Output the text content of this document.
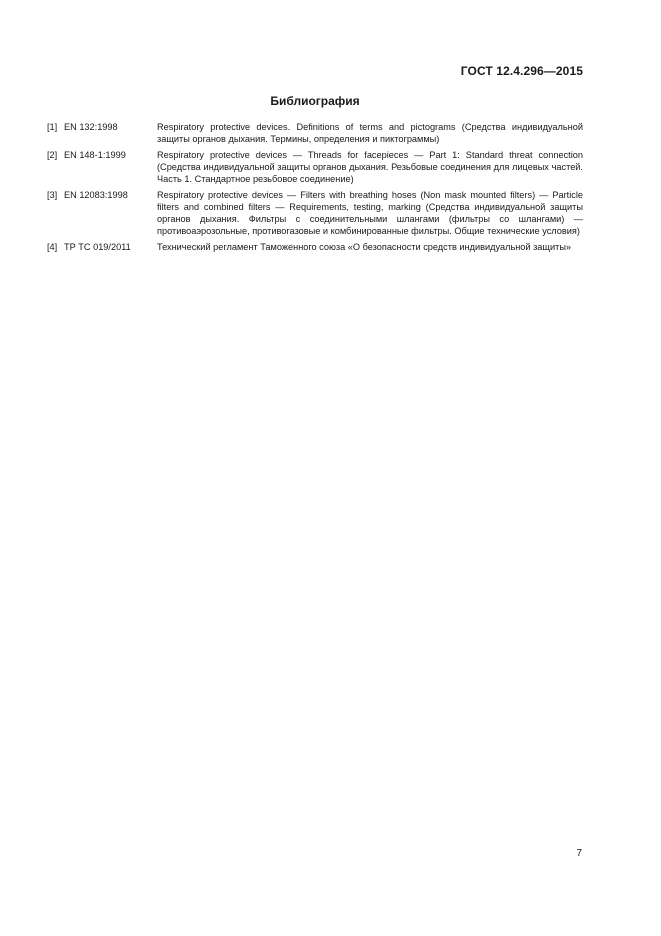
ГОСТ 12.4.296—2015
Библиография
[1] EN 132:1998	Respiratory protective devices. Definitions of terms and pictograms (Средства индивидуальной защиты органов дыхания. Термины, определения и пиктограммы)
[2] EN 148-1:1999	Respiratory protective devices — Threads for facepieces — Part 1: Standard threat connection (Средства индивидуальной защиты органов дыхания. Резьбовые соединения для лицевых частей. Часть 1. Стандартное резьбовое соединение)
[3] EN 12083:1998	Respiratory protective devices — Filters with breathing hoses (Non mask mounted filters) — Particle filters and combined filters — Requirements, testing, marking (Средства индивидуальной защиты органов дыхания. Фильтры с соединительными шлангами (фильтры со шлангами) — противоаэрозольные, противогазовые и комбинированные фильтры. Общие технические условия)
[4] ТР ТС 019/2011	Технический регламент Таможенного союза «О безопасности средств индивидуальной защиты»
7
